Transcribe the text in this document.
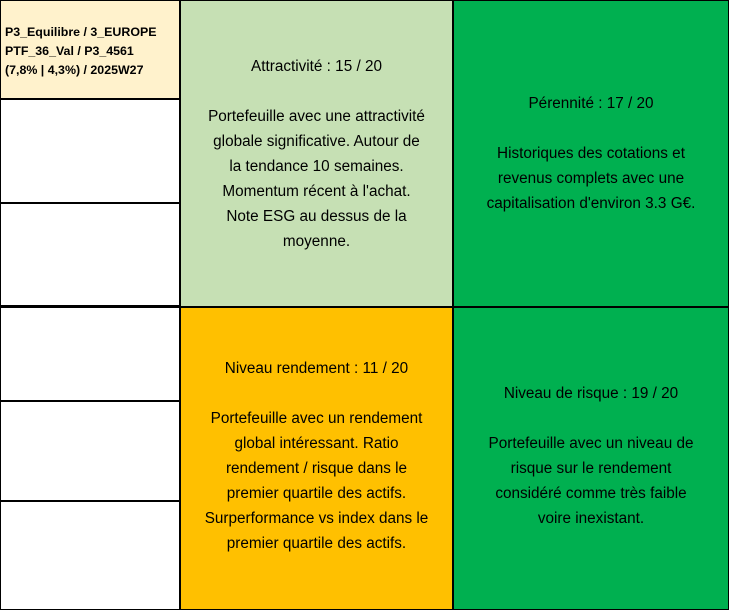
P3_Equilibre / 3_EUROPE
PTF_36_Val / P3_4561
(7,8% | 4,3%) / 2025W27	Attractivité : 15 / 20
Portefeuille avec une attractivité
globale significative. Autour de
la tendance 10 semaines.
Momentum récent à l'achat.
Note ESG au dessus de la
moyenne.
Pérennité : 17 / 20
Historiques des cotations et
revenus complets avec une
capitalisation d'environ 3.3 G€.
Niveau rendement : 11 / 20
Portefeuille avec un rendement
global intéressant. Ratio
rendement / risque dans le
premier quartile des actifs.
Surperformance vs index dans le
premier quartile des actifs.
Niveau de risque : 19 / 20
Portefeuille avec un niveau de
risque sur le rendement
considéré comme très faible
voire inexistant.
